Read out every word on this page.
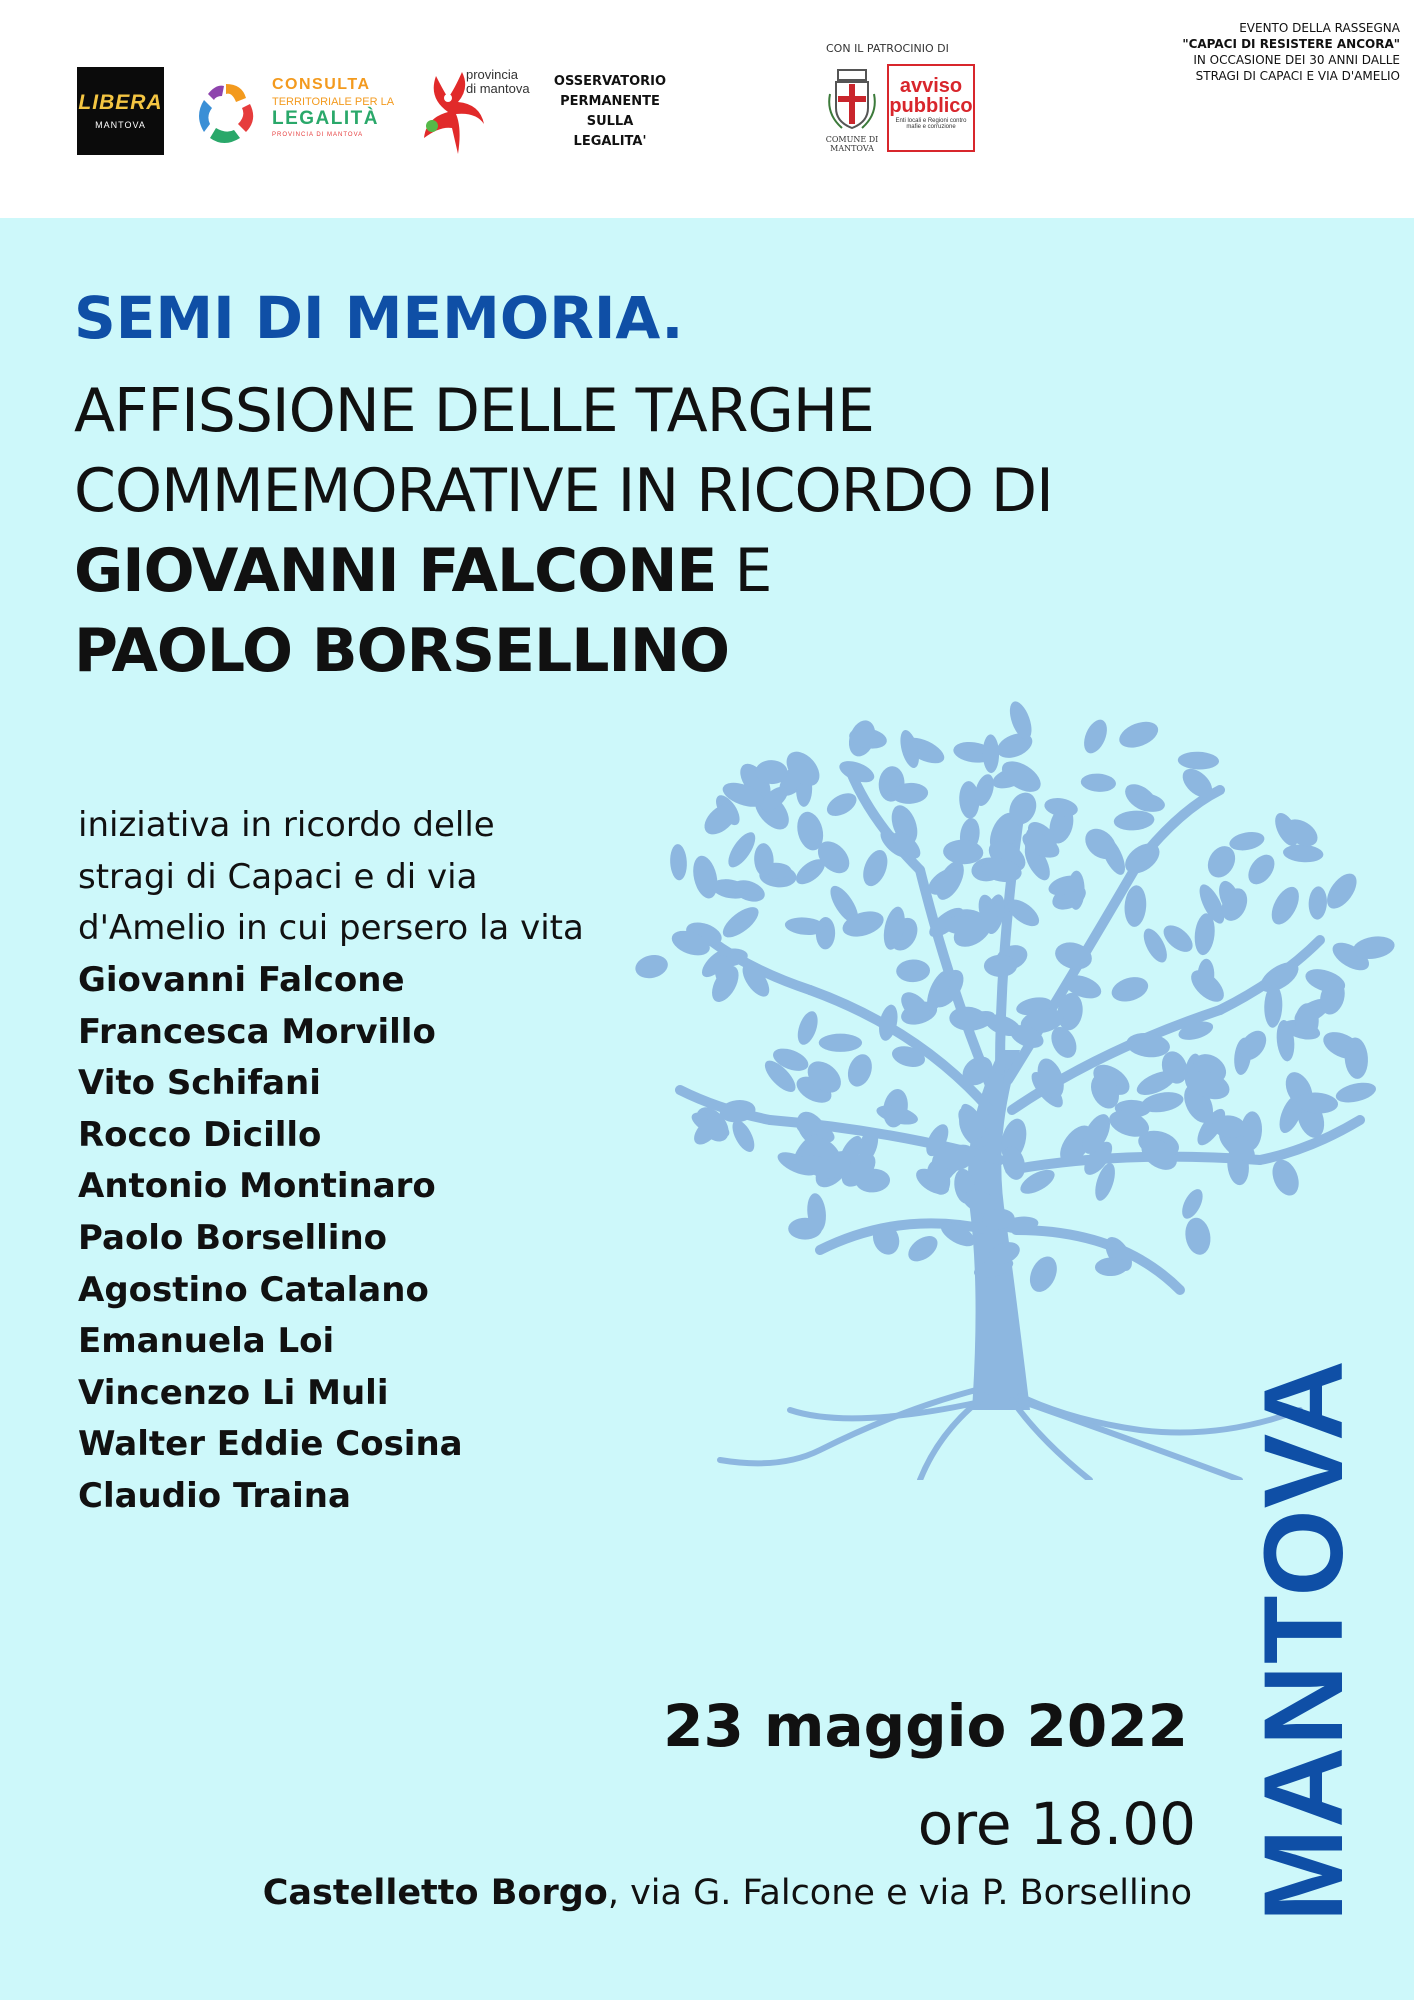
LIBERA
MANTOVA
CONSULTA
TERRITORIALE PER LA
LEGALITÀ
PROVINCIA DI MANTOVA
provincia
di mantova	OSSERVATORIO
PERMANENTE
SULLA
LEGALITA'
CON IL PATROCINIO DI
COMUNE DI
MANTOVA
avviso
pubblico
Enti locali e Regioni contro mafie e corruzione
EVENTO DELLA RASSEGNA
"CAPACI DI RESISTERE ANCORA"
IN OCCASIONE DEI 30 ANNI DALLE
STRAGI DI CAPACI E VIA D'AMELIO
SEMI DI MEMORIA.
AFFISSIONE DELLE TARGHE
COMMEMORATIVE IN RICORDO DI
GIOVANNI FALCONE E
PAOLO BORSELLINO
iniziativa in ricordo delle
stragi di Capaci e di via
d'Amelio in cui persero la vita
Giovanni Falcone
Francesca Morvillo
Vito Schifani
Rocco Dicillo
Antonio Montinaro
Paolo Borsellino
Agostino Catalano
Emanuela Loi
Vincenzo Li Muli
Walter Eddie Cosina
Claudio Traina
23 maggio 2022
ore 18.00
Castelletto Borgo, via G. Falcone e via P. Borsellino MANTOVA
